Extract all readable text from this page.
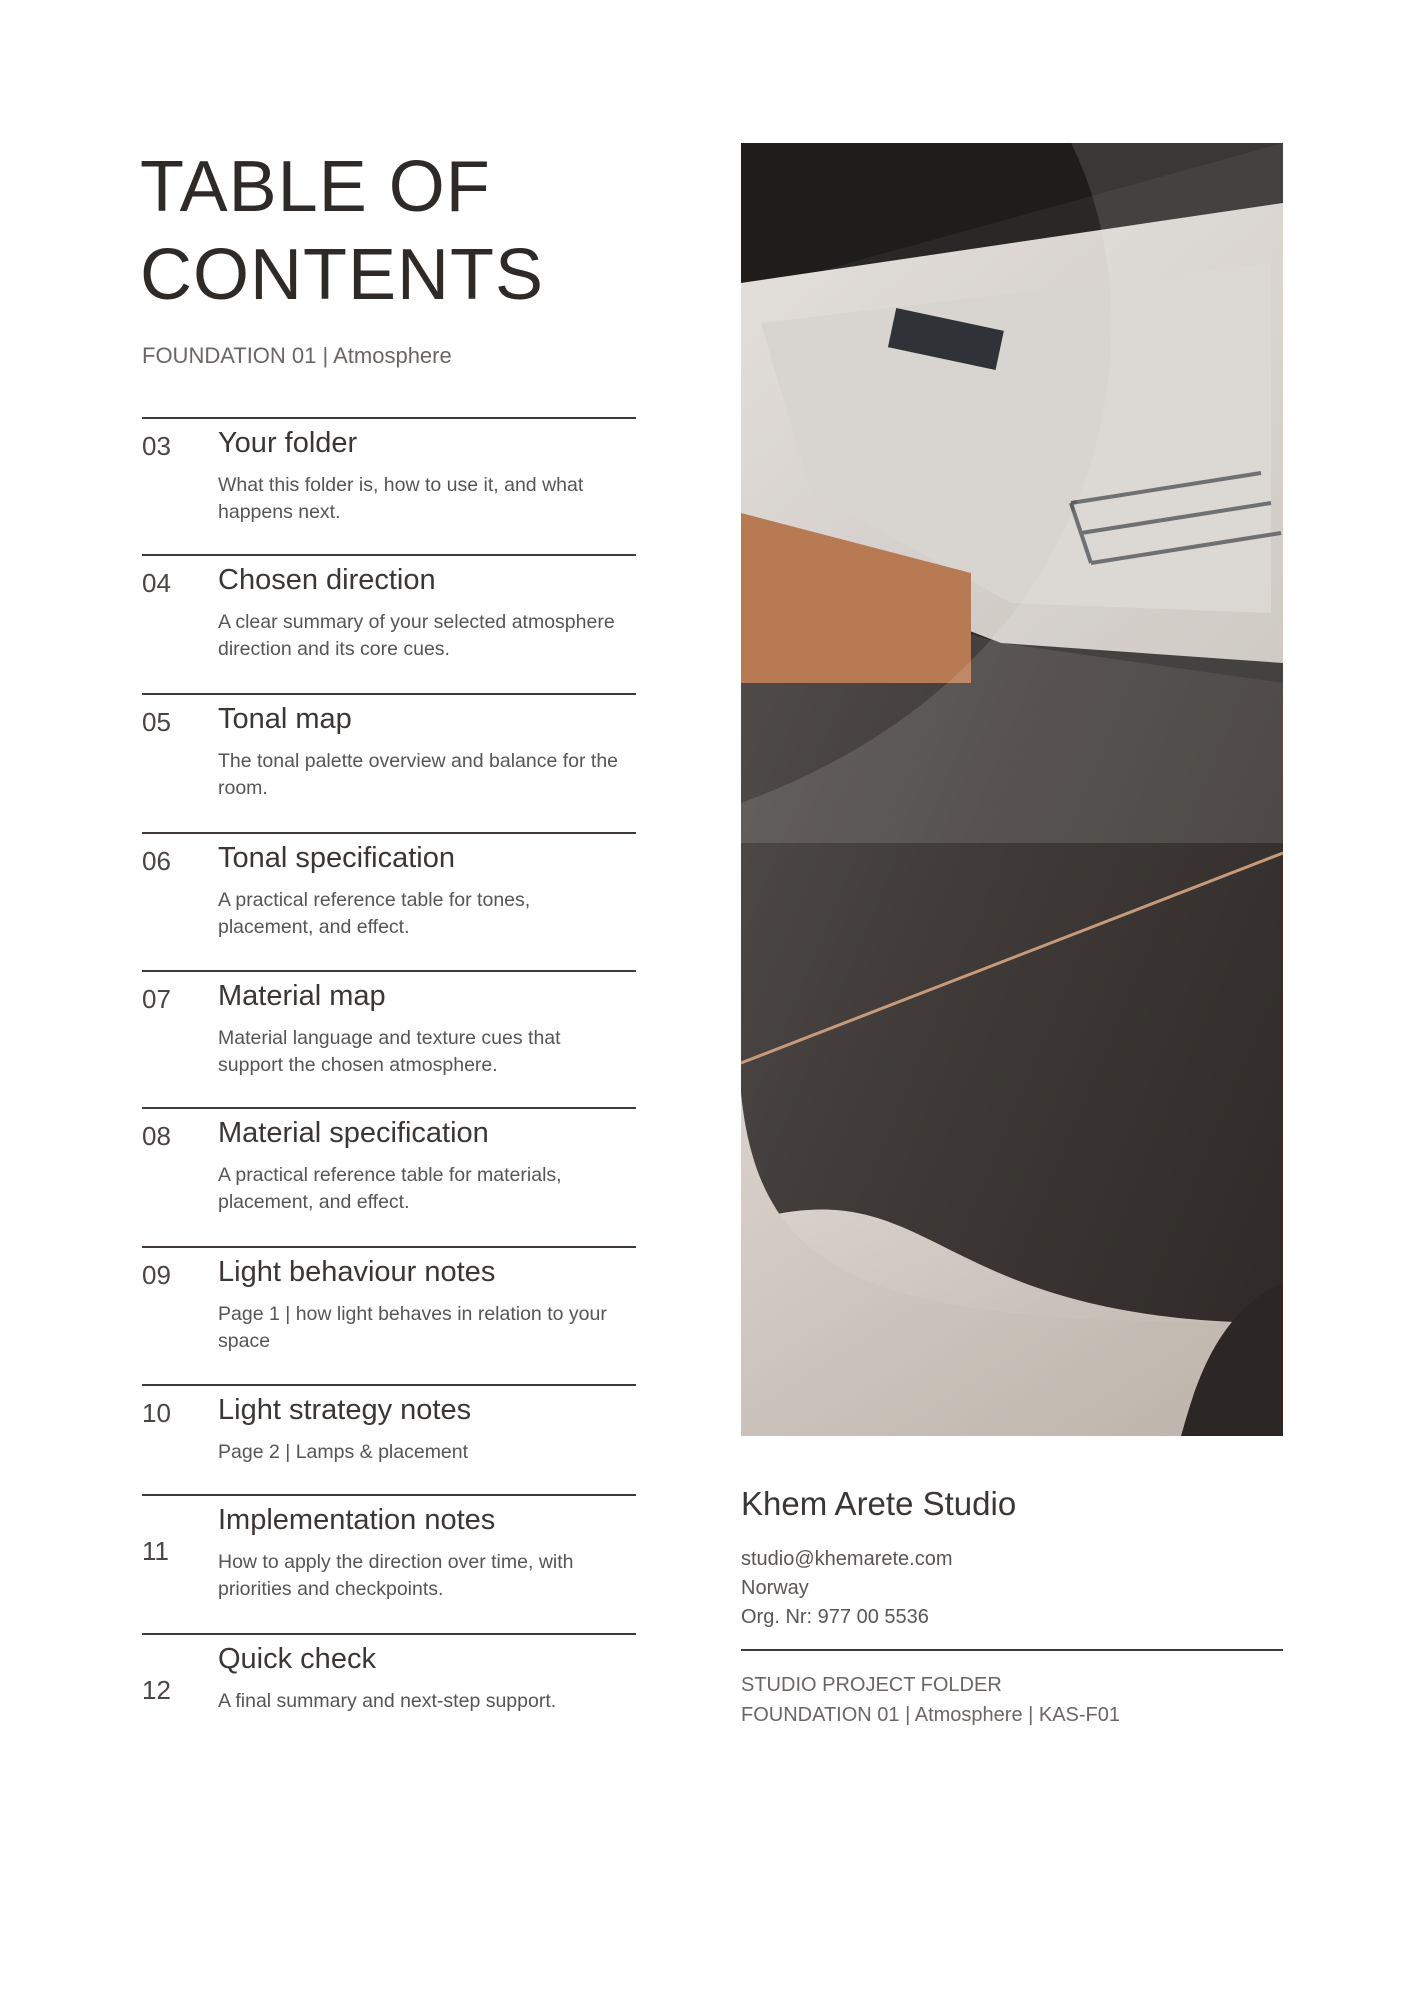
TABLE OF
CONTENTS
FOUNDATION 01 | Atmosphere
03 Your folder
What this folder is, how to use it, and what happens next.
04 Chosen direction
A clear summary of your selected atmosphere direction and its core cues.
05 Tonal map
The tonal palette overview and balance for the room.
06 Tonal specification
A practical reference table for tones, placement, and effect.
07 Material map
Material language and texture cues that support the chosen atmosphere.
08 Material specification
A practical reference table for materials, placement, and effect.
09 Light behaviour notes
Page 1 | how light behaves in relation to your space
10 Light strategy notes
Page 2 | Lamps & placement
11
Implementation notes
How to apply the direction over time, with priorities and checkpoints.
12
Quick check
A final summary and next-step support.
Khem Arete Studio
studio@khemarete.com
Norway
Org. Nr: 977 00 5536
STUDIO PROJECT FOLDER
FOUNDATION 01 | Atmosphere | KAS-F01
